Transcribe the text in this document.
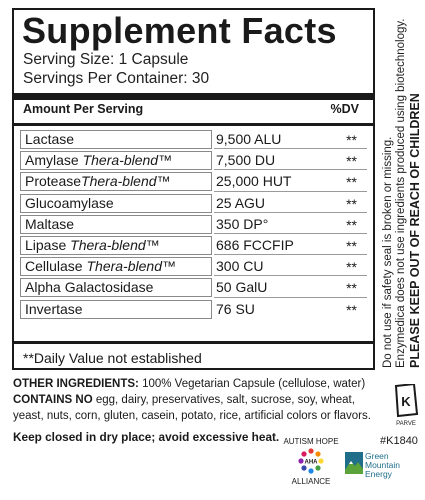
Supplement Facts
Serving Size: 1 Capsule
Servings Per Container: 30
Amount Per Serving	%DV
Lactase	9,500 ALU	**
Amylase Thera-blend™	7,500 DU	**
ProteaseThera-blend™	25,000 HUT	**
Glucoamylase	25 AGU	**
Maltase	350 DP°	**
Lipase Thera-blend™	686 FCCFIP	**
Cellulase Thera-blend™	300 CU	**
Alpha Galactosidase	50 GalU	**
Invertase	76 SU	**
**Daily Value not established	Do not use if safety seal is broken or missing. Enzymedica does not use ingredients produced using biotechnology. PLEASE KEEP OUT OF REACH OF CHILDREN
OTHER INGREDIENTS: 100% Vegetarian Capsule (cellulose, water)
CONTAINS NO egg, dairy, preservatives, salt, sucrose, soy, wheat, yeast, nuts, corn, gluten, casein, potato, rice, artificial colors or flavors.
Keep closed in dry place; avoid excessive heat.
K
PARVE
#K1840
AUTISM HOPE
AHA
ALLIANCE
Green
Mountain
Energy
